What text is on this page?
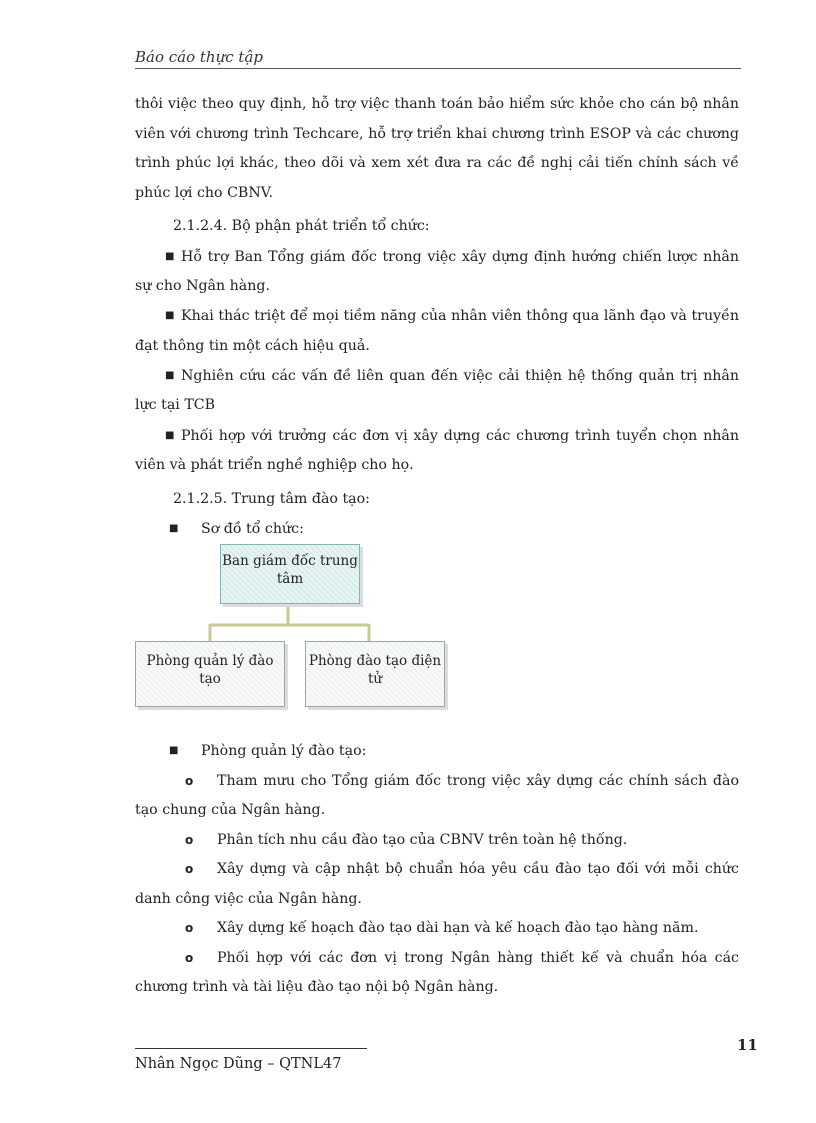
Báo cáo thực tập

thôi việc theo quy định, hỗ trợ việc thanh toán bảo hiểm sức khỏe cho cán bộ nhân viên với chương trình Techcare, hỗ trợ triển khai chương trình ESOP và các chương trình phúc lợi khác, theo dõi và xem xét đưa ra các đề nghị cải tiến chính sách về phúc lợi cho CBNV.

2.1.2.4. Bộ phận phát triển tổ chức:

■ Hỗ trợ Ban Tổng giám đốc trong việc xây dựng định hướng chiến lược nhân sự cho Ngân hàng.

■ Khai thác triệt để mọi tiềm năng của nhân viên thông qua lãnh đạo và truyền đạt thông tin một cách hiệu quả.

■ Nghiên cứu các vấn đề liên quan đến việc cải thiện hệ thống quản trị nhân lực tại TCB

■ Phối hợp với trưởng các đơn vị xây dựng các chương trình tuyển chọn nhân viên và phát triển nghề nghiệp cho họ.

2.1.2.5. Trung tâm đào tạo:

■ Sơ đồ tổ chức:

Ban giám đốc trung tâm
Phòng quản lý đào tạo
Phòng đào tạo điện tử

■ Phòng quản lý đào tạo:

o Tham mưu cho Tổng giám đốc trong việc xây dựng các chính sách đào tạo chung của Ngân hàng.

o Phân tích nhu cầu đào tạo của CBNV trên toàn hệ thống.

o Xây dựng và cập nhật bộ chuẩn hóa yêu cầu đào tạo đối với mỗi chức danh công việc của Ngân hàng.

o Xây dựng kế hoạch đào tạo dài hạn và kế hoạch đào tạo hàng năm.

o Phối hợp với các đơn vị trong Ngân hàng thiết kế và chuẩn hóa các chương trình và tài liệu đào tạo nội bộ Ngân hàng.

Nhân Ngọc Dũng – QTNL47
11
